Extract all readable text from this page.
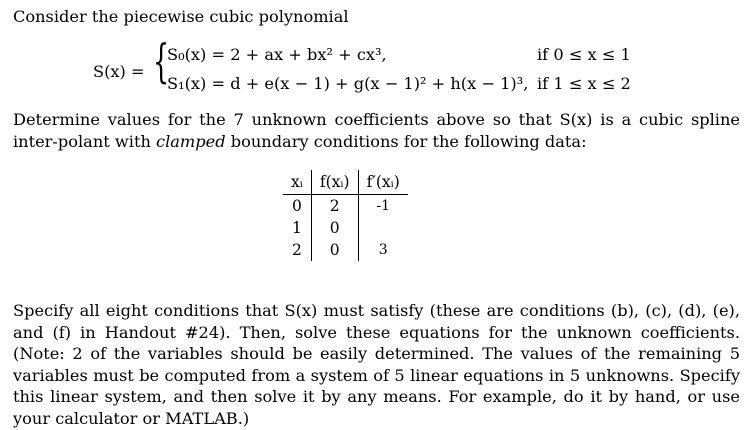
Consider the piecewise cubic polynomial
S(x) = {
S₀(x) = 2 + ax + bx² + cx³,	if 0 ≤ x ≤ 1
S₁(x) = d + e(x − 1) + g(x − 1)² + h(x − 1)³, if 1 ≤ x ≤ 2
Determine values for the 7 unknown coefficients above so that S(x) is a cubic spline inter-polant with clamped boundary conditions for the following data:
xᵢ	f(xᵢ)	f′(xᵢ)
0	2	-1
1	0	
2	0	3
Specify all eight conditions that S(x) must satisfy (these are conditions (b), (c), (d), (e), and (f) in Handout #24). Then, solve these equations for the unknown coefficients. (Note: 2 of the variables should be easily determined. The values of the remaining 5 variables must be computed from a system of 5 linear equations in 5 unknowns. Specify this linear system, and then solve it by any means. For example, do it by hand, or use your calculator or MATLAB.)
